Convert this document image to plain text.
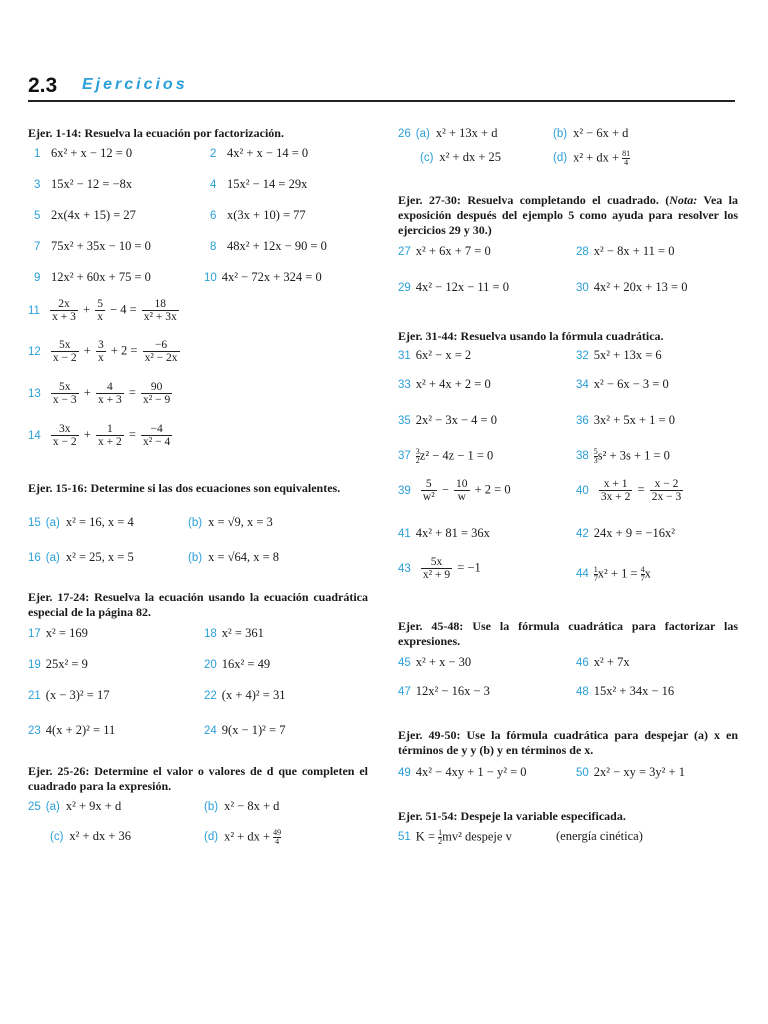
2.3 Ejercicios
Ejer. 1-14: Resuelva la ecuación por factorización.
1 6x² + x − 12 = 0	2 4x² + x − 14 = 0
3 15x² − 12 = −8x	4 15x² − 14 = 29x
5 2x(4x + 15) = 27	6 x(3x + 10) = 77
7 75x² + 35x − 10 = 0	8 48x² + 12x − 90 = 0
9 12x² + 60x + 75 = 0	10 4x² − 72x + 324 = 0
$11 \frac{2x}{x + 3} + \frac{5}{x} - 4 = \frac{18}{\text{x² + 3x}}$
$12 \frac{5x}{x - 2} + \frac{3}{x} + 2 = \frac{-6}{\text{x² − 2x}}$
$13 \frac{5x}{x - 3} + \frac{4}{x + 3} = \frac{90}{\text{x² − 9}}$
$14 \frac{3x}{x - 2} + \frac{1}{x + 2} = \frac{-4}{\text{x² − 4}}$
Ejer. 15-16: Determine si las dos ecuaciones son equivalentes.
15 (a) x² = 16, x = 4	(b) x = √9, x = 3
16 (a) x² = 25, x = 5	(b) x = √64, x = 8
Ejer. 17-24: Resuelva la ecuación usando la ecuación cuadrática especial de la página 82.
17 x² = 169	18 x² = 361
19 25x² = 9	20 16x² = 49
21 (x − 3)² = 17	22 (x + 4)² = 31
23 4(x + 2)² = 11	24 9(x − 1)² = 7
Ejer. 25-26: Determine el valor o valores de d que completen el cuadrado para la expresión.
25 (a) x² + 9x + d	(b) x² − 8x + d
(c) x² + dx + 36	(d) x² + dx + $\frac{49}{4}$
26 (a) x² + 13x + d	(b) x² − 6x + d
(c) x² + dx + 25	(d) x² + dx + $\frac{81}{4}$
Ejer. 27-30: Resuelva completando el cuadrado. (Nota: Vea la exposición después del ejemplo 5 como ayuda para resolver los ejercicios 29 y 30.)
27 x² + 6x + 7 = 0	28 x² − 8x + 11 = 0
29 4x² − 12x − 11 = 0	30 4x² + 20x + 13 = 0
Ejer. 31-44: Resuelva usando la fórmula cuadrática.
31 6x² − x = 2	32 5x² + 13x = 6
33 x² + 4x + 2 = 0	34 x² − 6x − 3 = 0
35 2x² − 3x − 4 = 0	36 3x² + 5x + 1 = 0
$37 \frac{3}{2} z^2 - 4z - 1 = 0$	$38 \frac{5}{3} s^2 + 3s + 1 = 0$
$39 \frac{5}{\text{w²}} - \frac{10}{w} + 2 = 0$	$40 \frac{x + 1}{3x + 2} = \frac{x - 2}{2x - 3}$
41 4x² + 81 = 36x	42 24x + 9 = −16x²
$43 \frac{5x}{\text{x² + 9}} = -1$	$44 \frac{1}{7} x^2 + 1 = \frac{4}{7}$ x
Ejer. 45-48: Use la fórmula cuadrática para factorizar las expresiones.
45 x² + x − 30	46 x² + 7x
47 12x² − 16x − 3	48 15x² + 34x − 16
Ejer. 49-50: Use la fórmula cuadrática para despejar (a) x en términos de y y (b) y en términos de x.
49 4x² − 4xy + 1 − y² = 0	50 2x² − xy = 3y² + 1
Ejer. 51-54: Despeje la variable especificada.
51 $K = \frac{1}{2} mv^2$ despeje v	(energía cinética)
